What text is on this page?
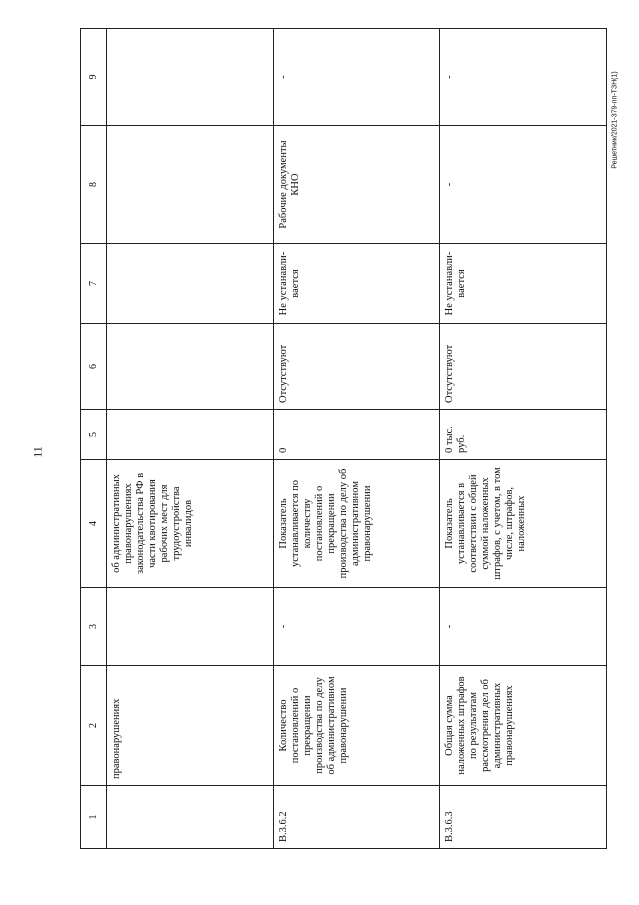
11
Решетник/2021-379-пп-ТЗН(1)
1	2	3	4	5	6	7	8	9
	правонарушениях		об административных правонарушениях законодательства РФ в части квотирования рабочих мест для трудоустройства инвалидов					
В.3.6.2	Количество постановлений о прекращении производства по делу об административном правонарушении	-	Показатель устанавливается по количеству постановлений о прекращении производства по делу об административном правонарушении	0	Отсутствуют	Не устанавли-вается	Рабочие документы КНО	-
В.3.6.3	Общая сумма наложенных штрафов по результатам рассмотрения дел об административных правонарушениях	-	Показатель устанавливается в соответствии с общей суммой наложенных штрафов, с учетом, в том числе, штрафов, наложенных	0 тыс. руб.	Отсутствуют	Не устанавли-вается	-	-
